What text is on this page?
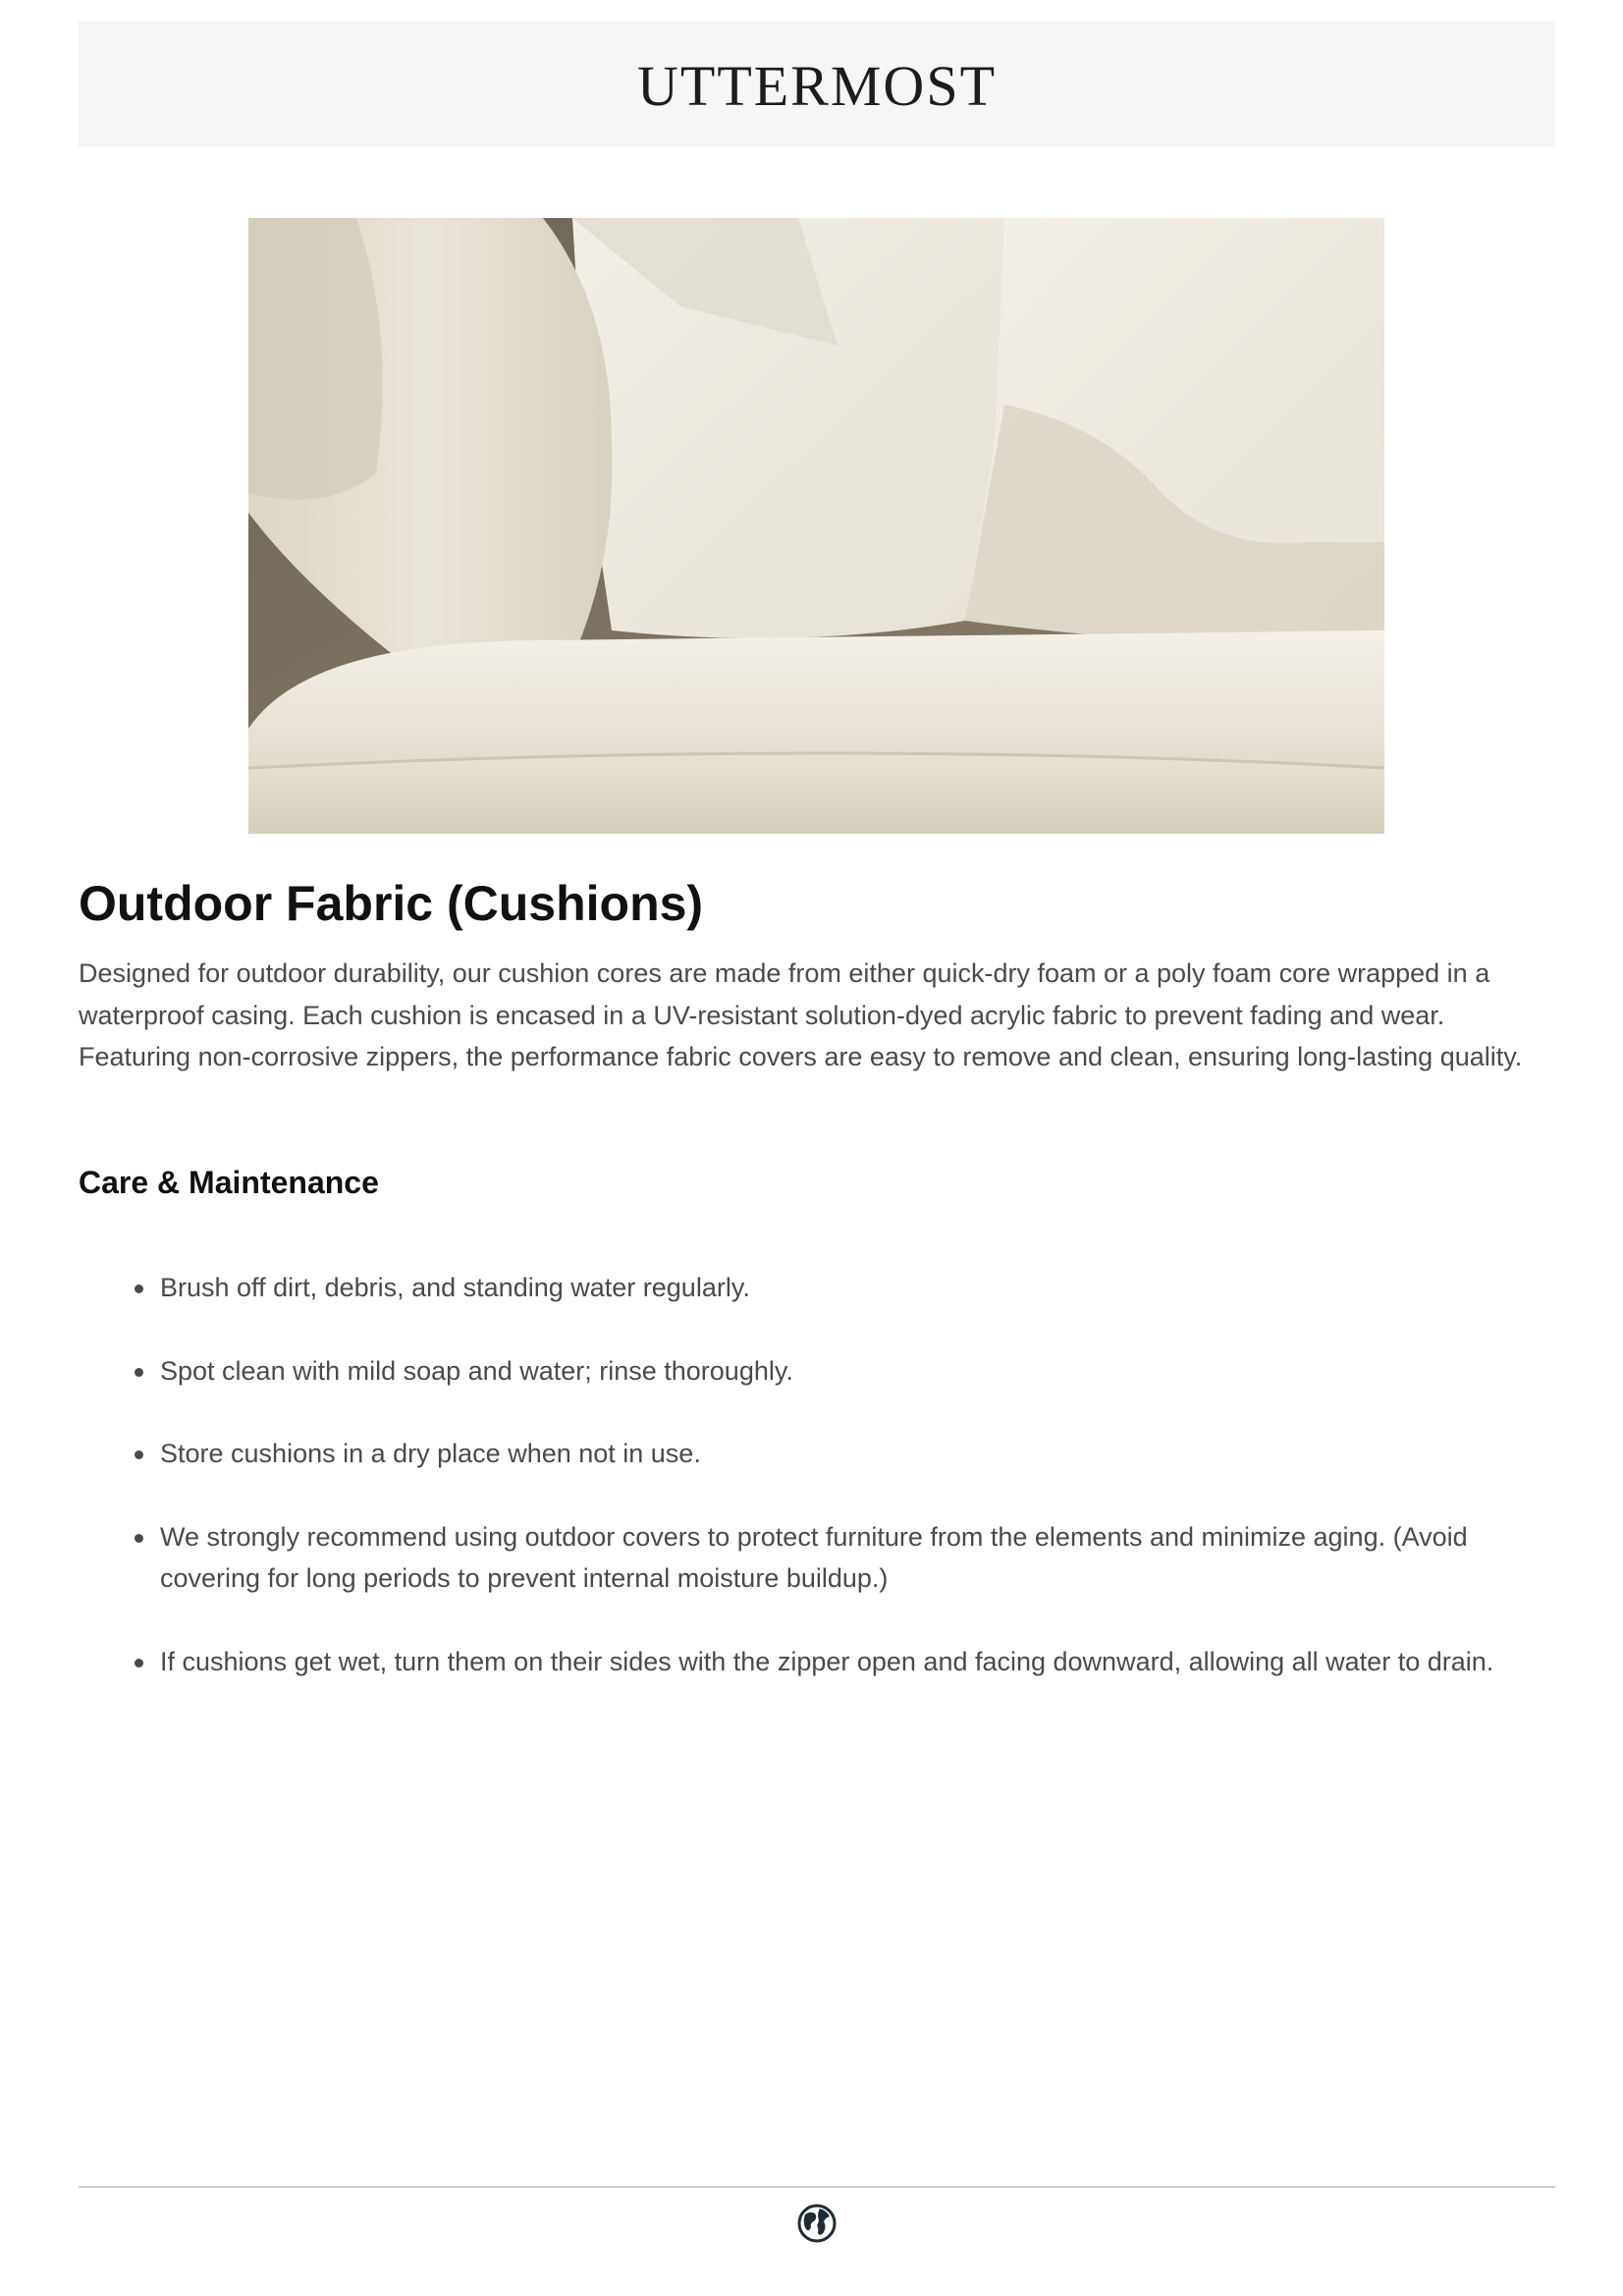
UTTERMOST
Outdoor Fabric (Cushions)

Designed for outdoor durability, our cushion cores are made from either quick-dry foam or a poly foam core wrapped in a waterproof casing. Each cushion is encased in a UV-resistant solution-dyed acrylic fabric to prevent fading and wear. Featuring non-corrosive zippers, the performance fabric covers are easy to remove and clean, ensuring long-lasting quality.

Care & Maintenance
Brush off dirt, debris, and standing water regularly.
Spot clean with mild soap and water; rinse thoroughly.
Store cushions in a dry place when not in use.
We strongly recommend using outdoor covers to protect furniture from the elements and minimize aging. (Avoid covering for long periods to prevent internal moisture buildup.)
If cushions get wet, turn them on their sides with the zipper open and facing downward, allowing all water to drain.
